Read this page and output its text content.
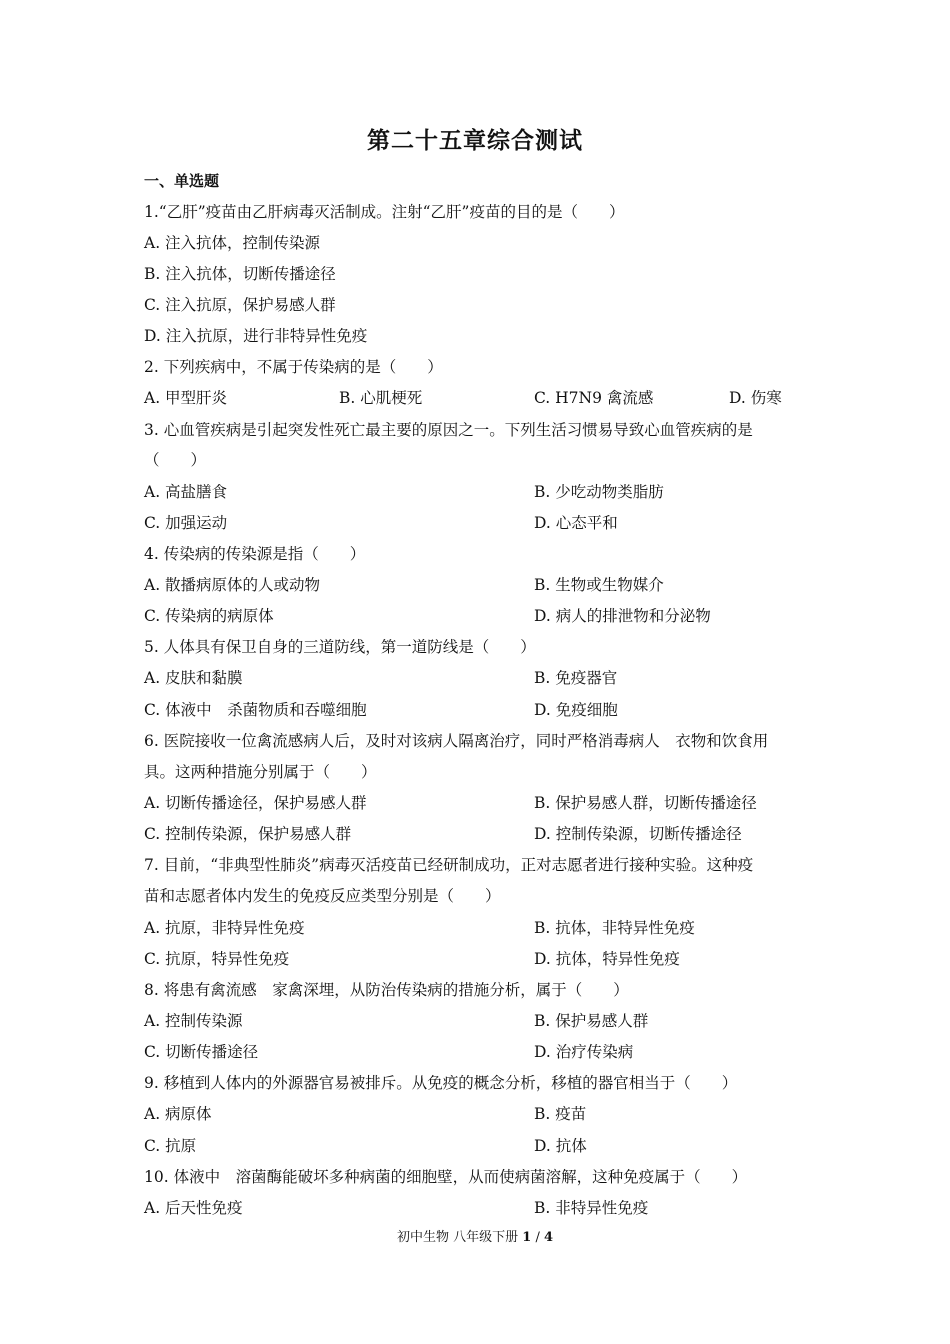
第二十五章综合测试
一、单选题
1.“乙肝”疫苗由乙肝病毒灭活制成。注射“乙肝”疫苗的目的是（　　）
A. 注入抗体，控制传染源
B. 注入抗体，切断传播途径
C. 注入抗原，保护易感人群
D. 注入抗原，进行非特异性免疫
2. 下列疾病中，不属于传染病的是（　　）
A. 甲型肝炎	B. 心肌梗死	C. H7N9 禽流感	D. 伤寒
3. 心血管疾病是引起突发性死亡最主要的原因之一。下列生活习惯易导致心血管疾病的是
（　　）
A. 高盐膳食	B. 少吃动物类脂肪
C. 加强运动	D. 心态平和
4. 传染病的传染源是指（　　）
A. 散播病原体的人或动物	B. 生物或生物媒介
C. 传染病的病原体	D. 病人的排泄物和分泌物
5. 人体具有保卫自身的三道防线，第一道防线是（　　）
A. 皮肤和黏膜	B. 免疫器官
C. 体液中　杀菌物质和吞噬细胞	D. 免疫细胞
6. 医院接收一位禽流感病人后，及时对该病人隔离治疗，同时严格消毒病人　衣物和饮食用
具。这两种措施分别属于（　　）
A. 切断传播途径，保护易感人群	B. 保护易感人群，切断传播途径
C. 控制传染源，保护易感人群	D. 控制传染源，切断传播途径
7. 目前，“非典型性肺炎”病毒灭活疫苗已经研制成功，正对志愿者进行接种实验。这种疫
苗和志愿者体内发生的免疫反应类型分别是（　　）
A. 抗原，非特异性免疫	B. 抗体，非特异性免疫
C. 抗原，特异性免疫	D. 抗体，特异性免疫
8. 将患有禽流感　家禽深埋，从防治传染病的措施分析，属于（　　）
A. 控制传染源	B. 保护易感人群
C. 切断传播途径	D. 治疗传染病
9. 移植到人体内的外源器官易被排斥。从免疫的概念分析，移植的器官相当于（　　）
A. 病原体	B. 疫苗
C. 抗原	D. 抗体
10. 体液中　溶菌酶能破坏多种病菌的细胞壁，从而使病菌溶解，这种免疫属于（　　）
A. 后天性免疫	B. 非特异性免疫
初中生物 八年级下册 1 / 4
